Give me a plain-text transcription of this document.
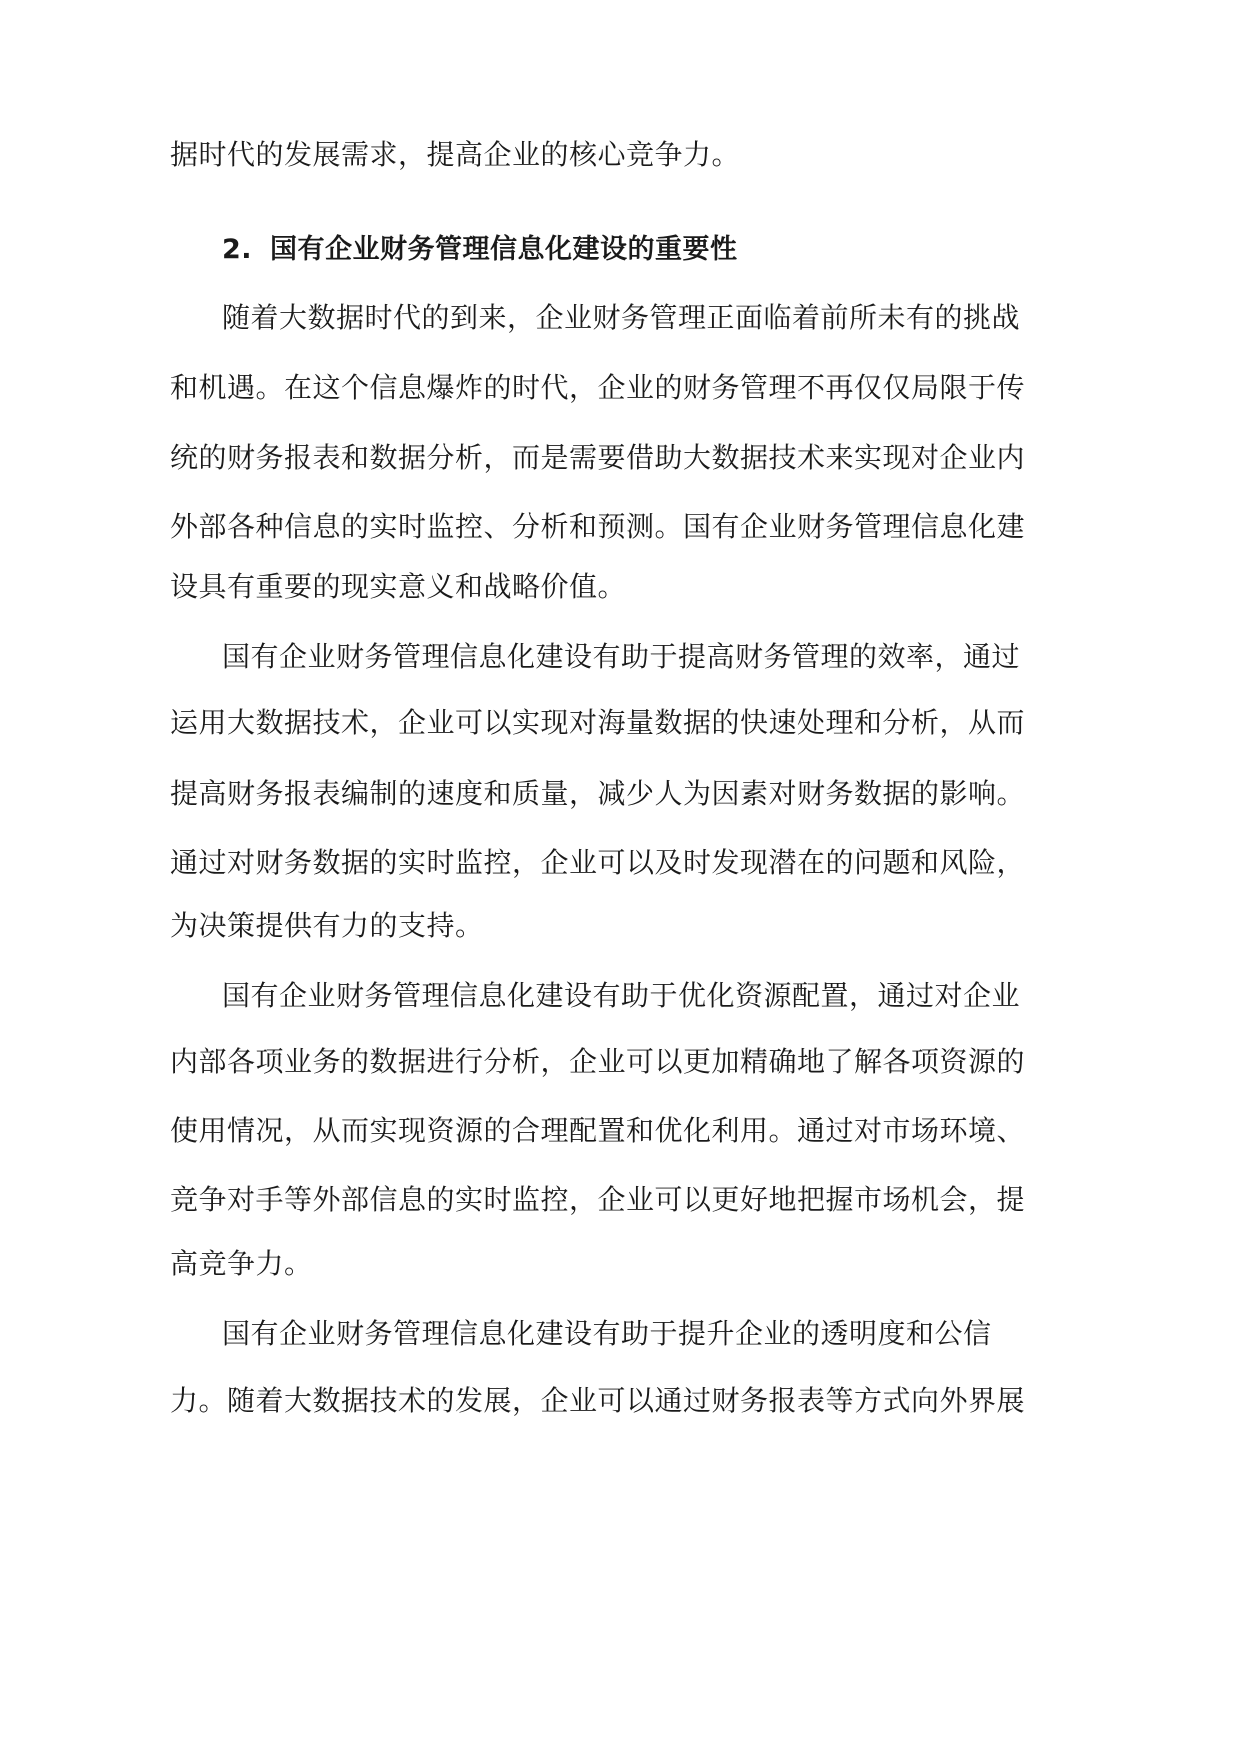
据时代的发展需求，提高企业的核心竞争力。
2. 国有企业财务管理信息化建设的重要性
随着大数据时代的到来，企业财务管理正面临着前所未有的挑战
和机遇。在这个信息爆炸的时代，企业的财务管理不再仅仅局限于传
统的财务报表和数据分析，而是需要借助大数据技术来实现对企业内
外部各种信息的实时监控、分析和预测。国有企业财务管理信息化建
设具有重要的现实意义和战略价值。
国有企业财务管理信息化建设有助于提高财务管理的效率，通过
运用大数据技术，企业可以实现对海量数据的快速处理和分析，从而
提高财务报表编制的速度和质量，减少人为因素对财务数据的影响。
通过对财务数据的实时监控，企业可以及时发现潜在的问题和风险，
为决策提供有力的支持。
国有企业财务管理信息化建设有助于优化资源配置，通过对企业
内部各项业务的数据进行分析，企业可以更加精确地了解各项资源的
使用情况，从而实现资源的合理配置和优化利用。通过对市场环境、
竞争对手等外部信息的实时监控，企业可以更好地把握市场机会，提
高竞争力。
国有企业财务管理信息化建设有助于提升企业的透明度和公信
力。随着大数据技术的发展，企业可以通过财务报表等方式向外界展
